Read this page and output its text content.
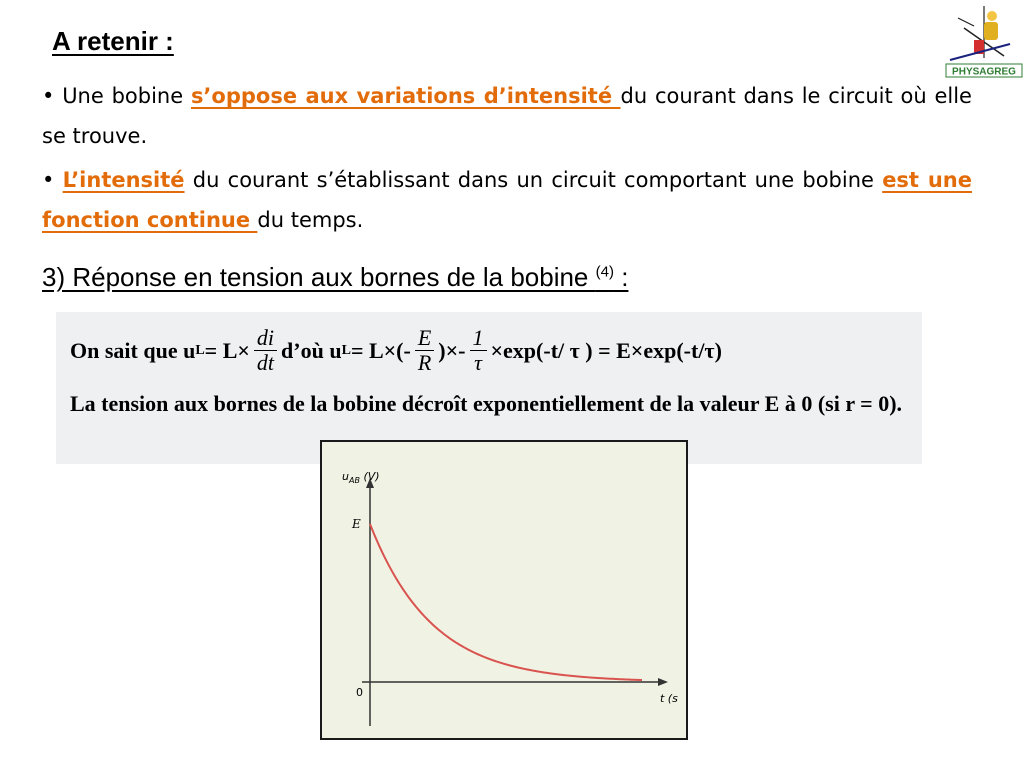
A retenir :
• Une bobine s’oppose aux variations d’intensité du courant dans le circuit où elle se trouve.
• L’intensité du courant s’établissant dans un circuit comportant une bobine est une fonction continue du temps.
3) Réponse en tension aux bornes de la bobine $^{(4)}$ :
On sait que u $L = L\times \frac{di}{dt}$ d’où u $L = L\times(- \frac{E}{R}$ )×- $\frac{1}{\tau} \times\exp(-t/$ τ ) = E×exp(-t/τ)
La tension aux bornes de la bobine décroît exponentiellement de la valeur E à 0 (si r = 0).
$u_{AB}$ (V)
E
0	t (s
PHYSAGREG
